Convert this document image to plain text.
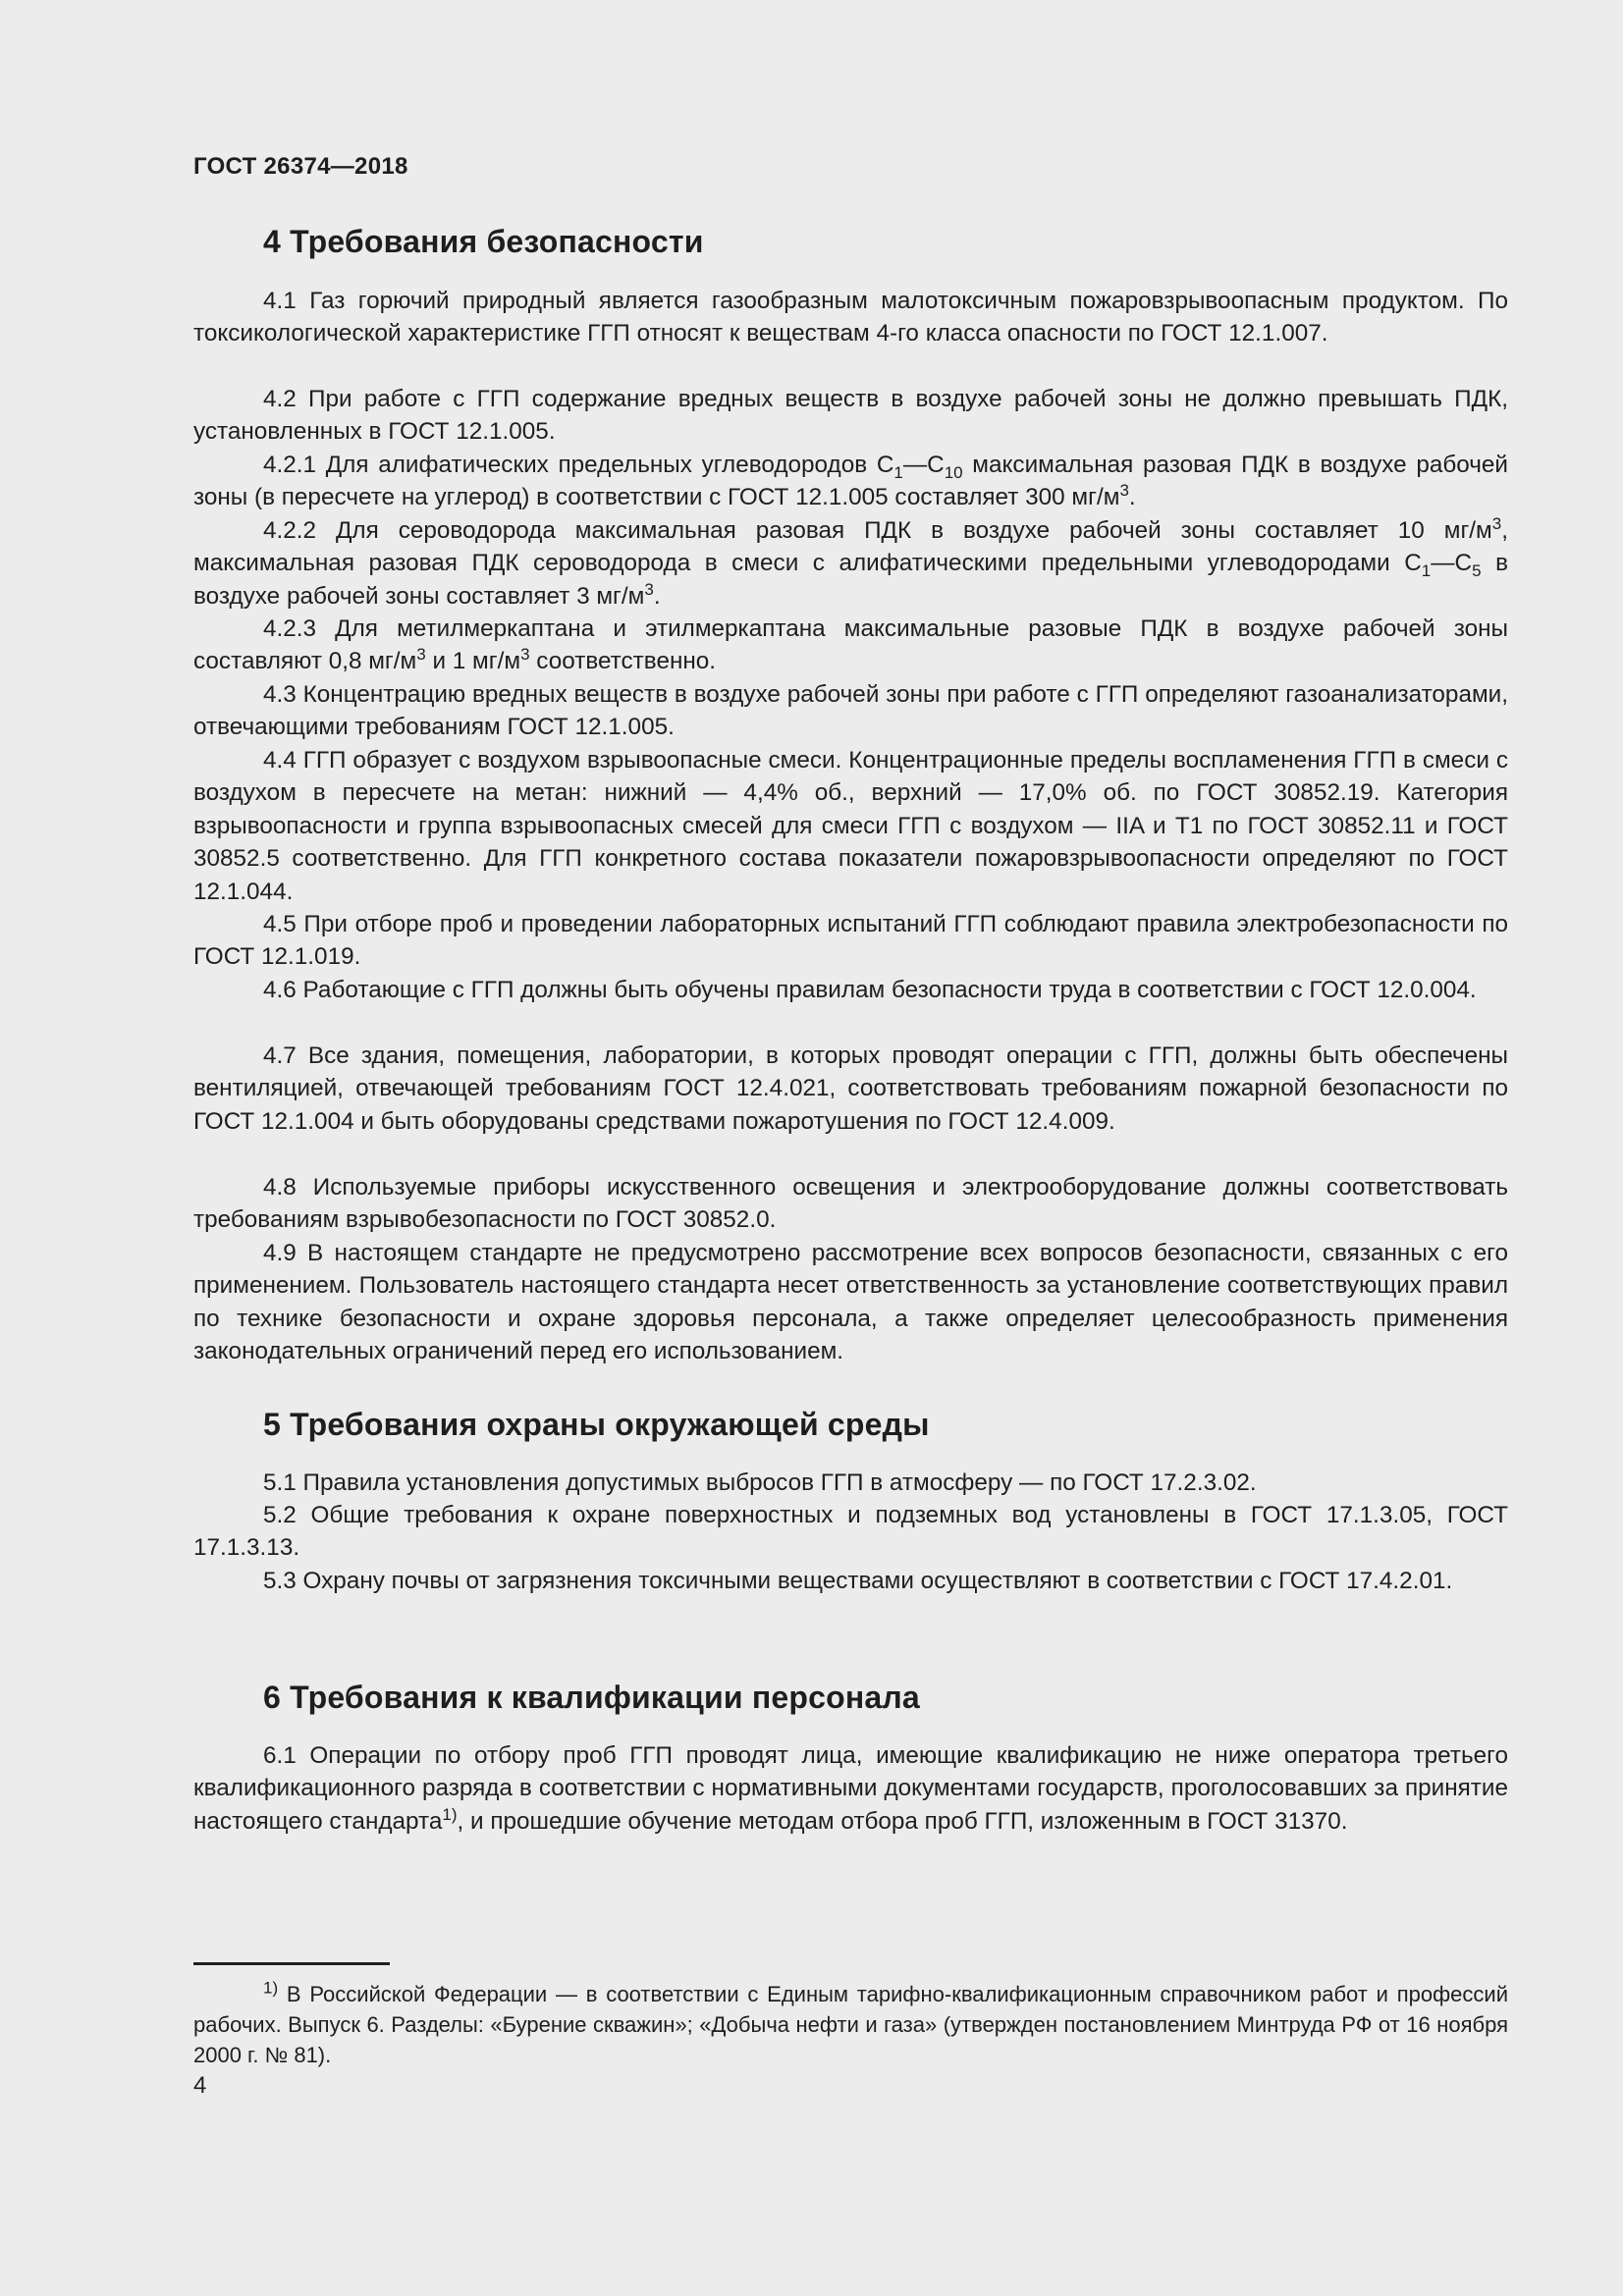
ГОСТ 26374—2018
4 Требования безопасности

4.1 Газ горючий природный является газообразным малотоксичным пожаровзрывоопасным продуктом. По токсикологической характеристике ГГП относят к веществам 4-го класса опасности по ГОСТ 12.1.007.

4.2 При работе с ГГП содержание вредных веществ в воздухе рабочей зоны не должно превышать ПДК, установленных в ГОСТ 12.1.005.

4.2.1 Для алифатических предельных углеводородов $С_1—С_{10}$ максимальная разовая ПДК в воздухе рабочей зоны (в пересчете на углерод) в соответствии с ГОСТ 12.1.005 составляет 300 $мг/м^3$.

4.2.2 Для сероводорода максимальная разовая ПДК в воздухе рабочей зоны составляет 10 $мг/м^3$, максимальная разовая ПДК сероводорода в смеси с алифатическими предельными углеводородами $С_1—С_5$ в воздухе рабочей зоны составляет 3 $мг/м^3$.

4.2.3 Для метилмеркаптана и этилмеркаптана максимальные разовые ПДК в воздухе рабочей зоны составляют 0,8 $мг/м^3$ и 1 $мг/м^3$ соответственно.

4.3 Концентрацию вредных веществ в воздухе рабочей зоны при работе с ГГП определяют газоанализаторами, отвечающими требованиям ГОСТ 12.1.005.

4.4 ГГП образует с воздухом взрывоопасные смеси. Концентрационные пределы воспламенения ГГП в смеси с воздухом в пересчете на метан: нижний — 4,4% об., верхний — 17,0% об. по ГОСТ 30852.19. Категория взрывоопасности и группа взрывоопасных смесей для смеси ГГП с воздухом — IIA и Т1 по ГОСТ 30852.11 и ГОСТ 30852.5 соответственно. Для ГГП конкретного состава показатели пожаровзрывоопасности определяют по ГОСТ 12.1.044.

4.5 При отборе проб и проведении лабораторных испытаний ГГП соблюдают правила электробезопасности по ГОСТ 12.1.019.

4.6 Работающие с ГГП должны быть обучены правилам безопасности труда в соответствии с ГОСТ 12.0.004.

4.7 Все здания, помещения, лаборатории, в которых проводят операции с ГГП, должны быть обеспечены вентиляцией, отвечающей требованиям ГОСТ 12.4.021, соответствовать требованиям пожарной безопасности по ГОСТ 12.1.004 и быть оборудованы средствами пожаротушения по ГОСТ 12.4.009.

4.8 Используемые приборы искусственного освещения и электрооборудование должны соответствовать требованиям взрывобезопасности по ГОСТ 30852.0.

4.9 В настоящем стандарте не предусмотрено рассмотрение всех вопросов безопасности, связанных с его применением. Пользователь настоящего стандарта несет ответственность за установление соответствующих правил по технике безопасности и охране здоровья персонала, а также определяет целесообразность применения законодательных ограничений перед его использованием.

5 Требования охраны окружающей среды

5.1 Правила установления допустимых выбросов ГГП в атмосферу — по ГОСТ 17.2.3.02.

5.2 Общие требования к охране поверхностных и подземных вод установлены в ГОСТ 17.1.3.05, ГОСТ 17.1.3.13.

5.3 Охрану почвы от загрязнения токсичными веществами осуществляют в соответствии с ГОСТ 17.4.2.01.

6 Требования к квалификации персонала

6.1 Операции по отбору проб ГГП проводят лица, имеющие квалификацию не ниже оператора третьего квалификационного разряда в соответствии с нормативными документами государств, проголосовавших за принятие настоящего стандарта$^{1)}$, и прошедшие обучение методам отбора проб ГГП, изложенным в ГОСТ 31370.

$^{1)}$ В Российской Федерации — в соответствии с Единым тарифно-квалификационным справочником работ и профессий рабочих. Выпуск 6. Разделы: «Бурение скважин»; «Добыча нефти и газа» (утвержден постановлением Минтруда РФ от 16 ноября 2000 г. № 81).

4
